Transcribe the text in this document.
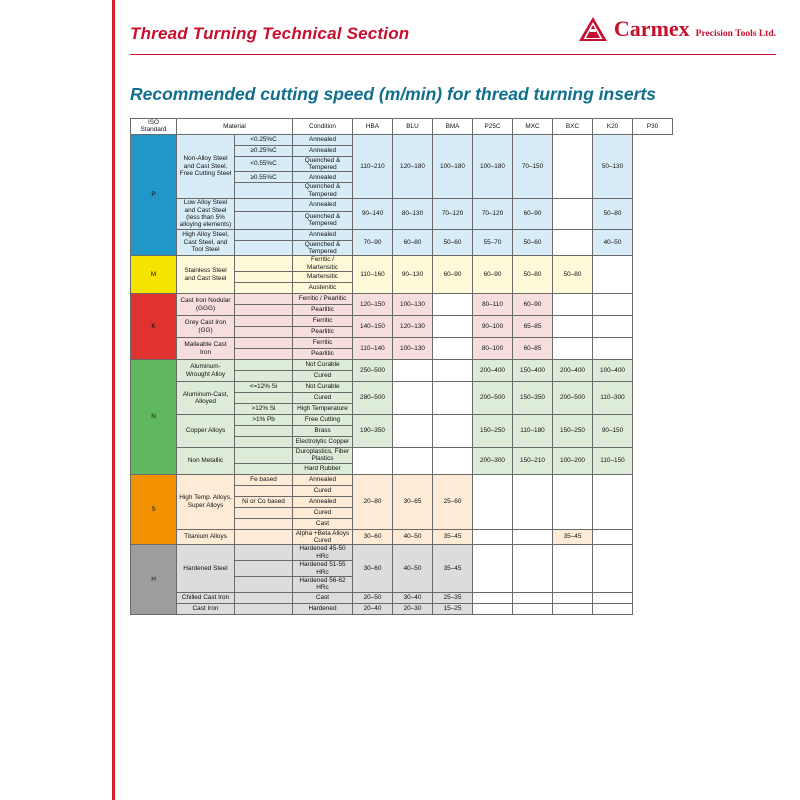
Thread Turning Technical Section	Carmex Precision Tools Ltd.
Recommended cutting speed (m/min) for thread turning inserts
ISO
Standard	Material		Condition	HBA	BLU	BMA	P25C	MXC	BXC	K20	P30
P	Non-Alloy Steel and Cast Steel, Free Cutting Steel	<0.25%C	Annealed	110–210	120–180	100–180	100–180	70–150		50–130	
		≥0.25%C	Annealed								
		<0.55%C	Quenched & Tempered								
		≥0.55%C	Annealed								
			Quenched & Tempered								
	Low Alloy Steel and Cast Steel (less than 5% alloying elements)		Annealed	90–140	80–130	70–120	70–120	60–90		50–80	
			Quenched & Tempered								
	High Alloy Steel, Cast Steel, and Tool Steel		Annealed	70–90	60–80	50–60	55–70	50–60		40–50	
			Quenched & Tempered								
M	Stainless Steel and Cast Steel		Ferritic / Martensitic	110–160	90–130	60–90	60–90	50–80	50–80		
			Martensitic								
			Austenitic								
K	Cast Iron Nodular (GGG)		Ferritic / Pearlitic	120–150	100–130		80–110	60–90			
			Pearlitic								
	Grey Cast Iron (GG)		Ferritic	140–150	120–130		90–100	65–85			
			Pearlitic								
	Malleable Cast Iron		Ferritic	110–140	100–130		80–100	60–85			
			Pearlitic								
N	Aluminum-Wrought Alloy		Not Curable	250–500			200–400	150–400	200–400	100–400	
			Cured								
	Aluminum-Cast, Alloyed	<=12% Si	Not Curable	280–500			200–500	150–350	200–500	110–300	
			Cured								
		>12% Si	High Temperature								
	Copper Alloys	>1% Pb	Free Cutting	190–350			150–250	110–180	150–250	90–150	
			Brass								
			Electrolytic Copper								
	Non Metallic		Duroplastics, Fiber Plastics				200–300	150–210	100–200	110–150	
			Hard Rubber								
S	High Temp. Alloys, Super Alloys	Fe based	Annealed	20–80	30–65	25–60					
			Cured								
		Ni or Co based	Annealed								
			Cured								
			Cast								
	Titanium Alloys		Alpha +Beta Alloys Cured	30–60	40–50	35–45			35–45		
H	Hardened Steel		Hardened 45-50 HRc	30–60	40–50	35–45					
			Hardened 51-55 HRc								
			Hardened 56-62 HRc								
	Chilled Cast Iron		Cast	20–50	30–40	25–35					
	Cast Iron		Hardened	20–40	20–30	15–25					
